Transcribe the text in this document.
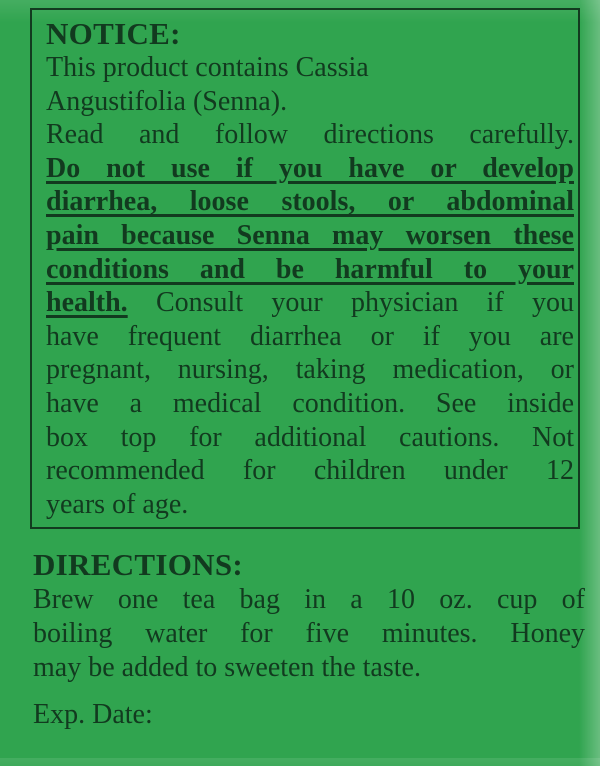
NOTICE:
This product contains Cassia
Angustifolia (Senna).
Read and follow directions carefully.
Do not use if you have or develop
diarrhea, loose stools, or abdominal
pain because Senna may worsen these
conditions and be harmful to your
health. Consult your physician if you
have frequent diarrhea or if you are
pregnant, nursing, taking medication, or
have a medical condition. See inside
box top for additional cautions. Not
recommended for children under 12
years of age.
DIRECTIONS:
Brew one tea bag in a 10 oz. cup of
boiling water for five minutes. Honey
may be added to sweeten the taste.
Exp. Date:
